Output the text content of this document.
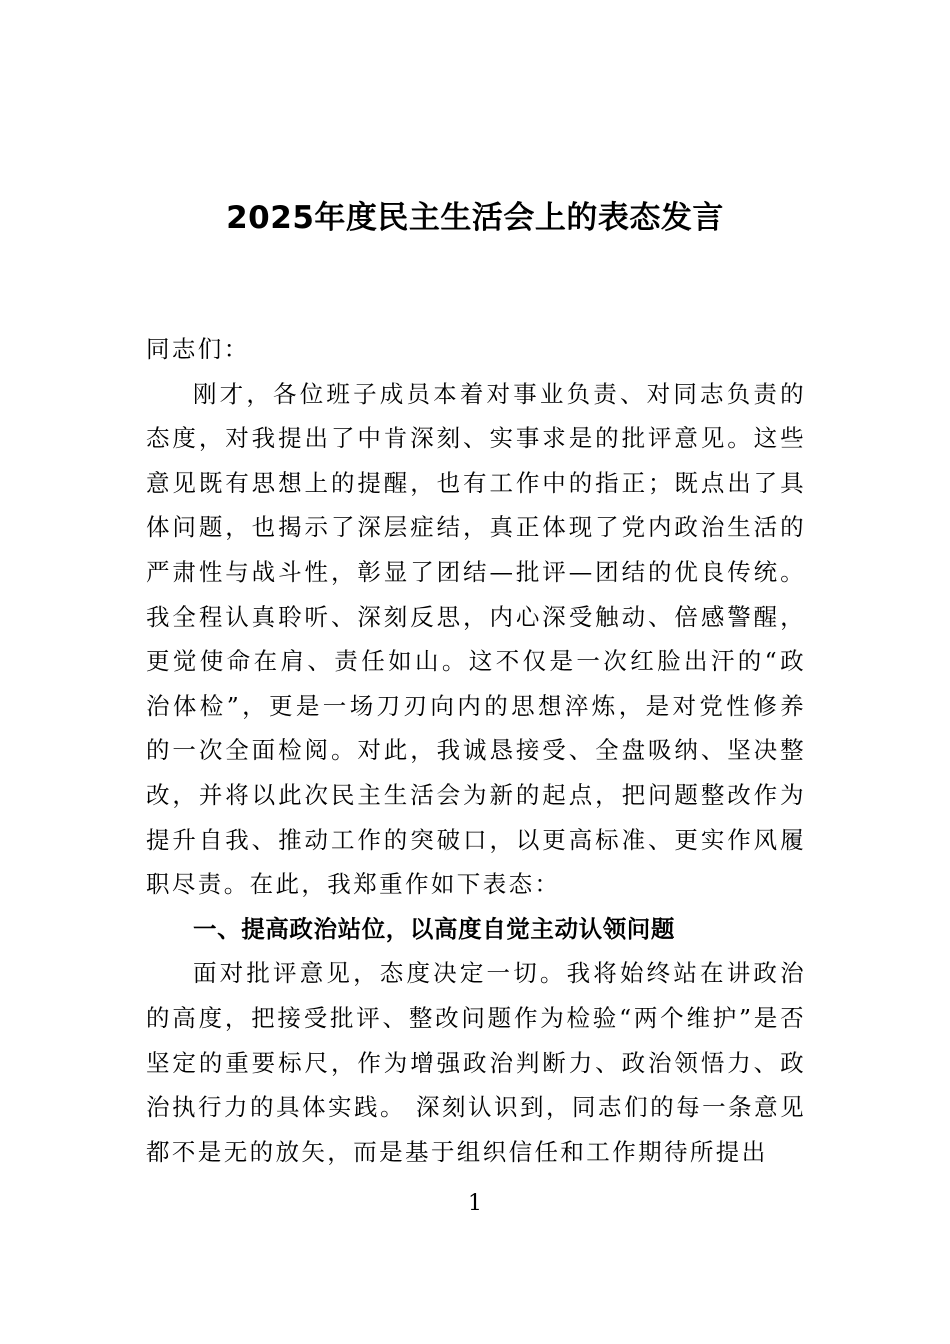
2025年度民主生活会上的表态发言

同志们：

刚才，各位班子成员本着对事业负责、对同志负责的态度，对我提出了中肯深刻、实事求是的批评意见。这些意见既有思想上的提醒，也有工作中的指正；既点出了具体问题，也揭示了深层症结，真正体现了党内政治生活的严肃性与战斗性，彰显了团结—批评—团结的优良传统。我全程认真聆听、深刻反思，内心深受触动、倍感警醒，更觉使命在肩、责任如山。这不仅是一次红脸出汗的“政治体检”，更是一场刀刃向内的思想淬炼，是对党性修养的一次全面检阅。对此，我诚恳接受、全盘吸纳、坚决整改，并将以此次民主生活会为新的起点，把问题整改作为提升自我、推动工作的突破口，以更高标准、更实作风履职尽责。在此，我郑重作如下表态：

一、提高政治站位，以高度自觉主动认领问题

面对批评意见，态度决定一切。我将始终站在讲政治的高度，把接受批评、整改问题作为检验“两个维护”是否坚定的重要标尺，作为增强政治判断力、政治领悟力、政治执行力的具体实践。 深刻认识到，同志们的每一条意见都不是无的放矢，而是基于组织信任和工作期待所提出

1
